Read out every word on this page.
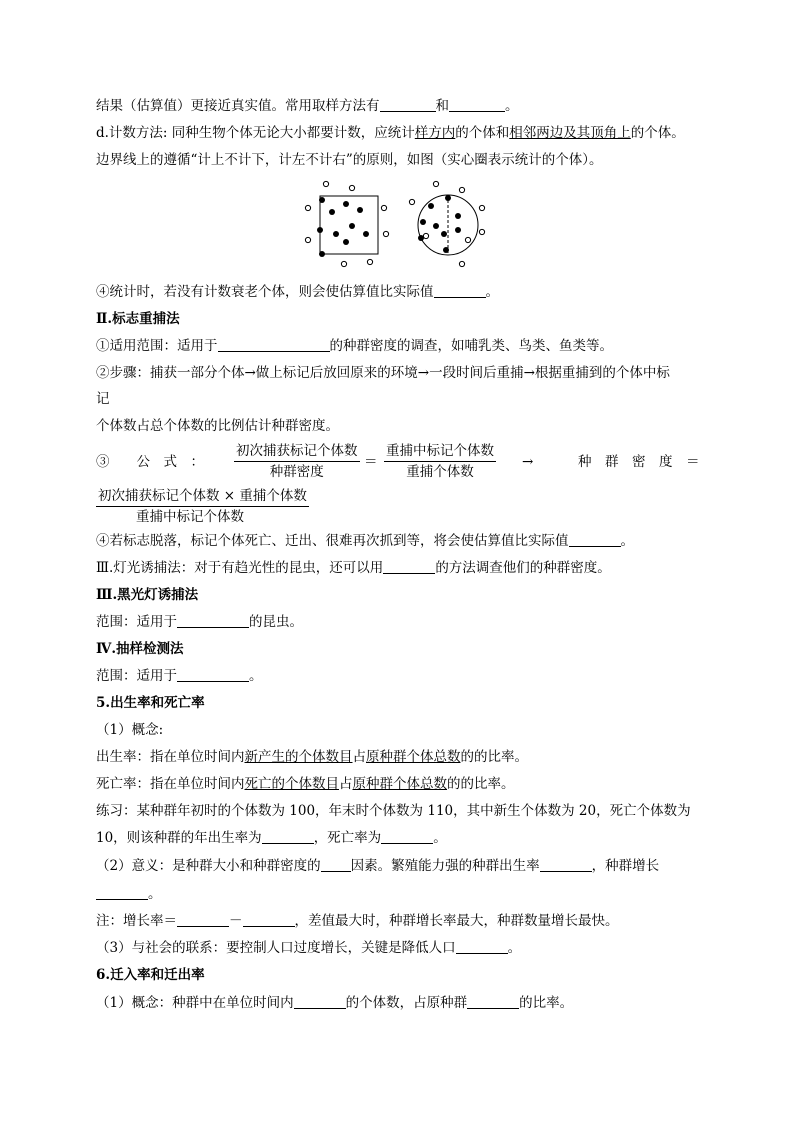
结果（估算值）更接近真实值。常用取样方法有	和	。
d.计数方法: 同种生物个体无论大小都要计数，应统计样方内的个体和相邻两边及其顶角上的个体。
边界线上的遵循“计上不计下，计左不计右”的原则，如图（实心圈表示统计的个体）。
④统计时，若没有计数衰老个体，则会使估算值比实际值	。
Ⅱ.标志重捕法
①适用范围：适用于	的种群密度的调查，如哺乳类、鸟类、鱼类等。
②步骤：捕获一部分个体→做上标记后放回原来的环境→一段时间后重捕→根据重捕到的个体中标
记
个体数占总个体数的比例估计种群密度。
③　　公　式　：
初次捕获标记个体数
种群密度
＝
重捕中标记个体数
重捕个体数
→	种　群　密　度　＝
初次捕获标记个体数 × 重捕个体数
重捕中标记个体数
④若标志脱落，标记个体死亡、迁出、很难再次抓到等，将会使估算值比实际值	。
Ⅲ.灯光诱捕法：对于有趋光性的昆虫，还可以用	的方法调查他们的种群密度。
Ⅲ.黑光灯诱捕法
范围：适用于	的昆虫。
Ⅳ.抽样检测法
范围：适用于	。
5.出生率和死亡率
（1）概念:
出生率：指在单位时间内新产生的个体数目占原种群个体总数的的比率。
死亡率：指在单位时间内死亡的个体数目占原种群个体总数的的比率。
练习：某种群年初时的个体数为 100，年末时个体数为 110，其中新生个体数为 20，死亡个体数为
10，则该种群的年出生率为	，死亡率为	。
（2）意义：是种群大小和种群密度的 因素。繁殖能力强的种群出生率	，种群增长
。
注：增长率＝	－	，差值最大时，种群增长率最大，种群数量增长最快。
（3）与社会的联系：要控制人口过度增长，关键是降低人口	。
6.迁入率和迁出率
（1）概念：种群中在单位时间内	的个体数，占原种群	的比率。
